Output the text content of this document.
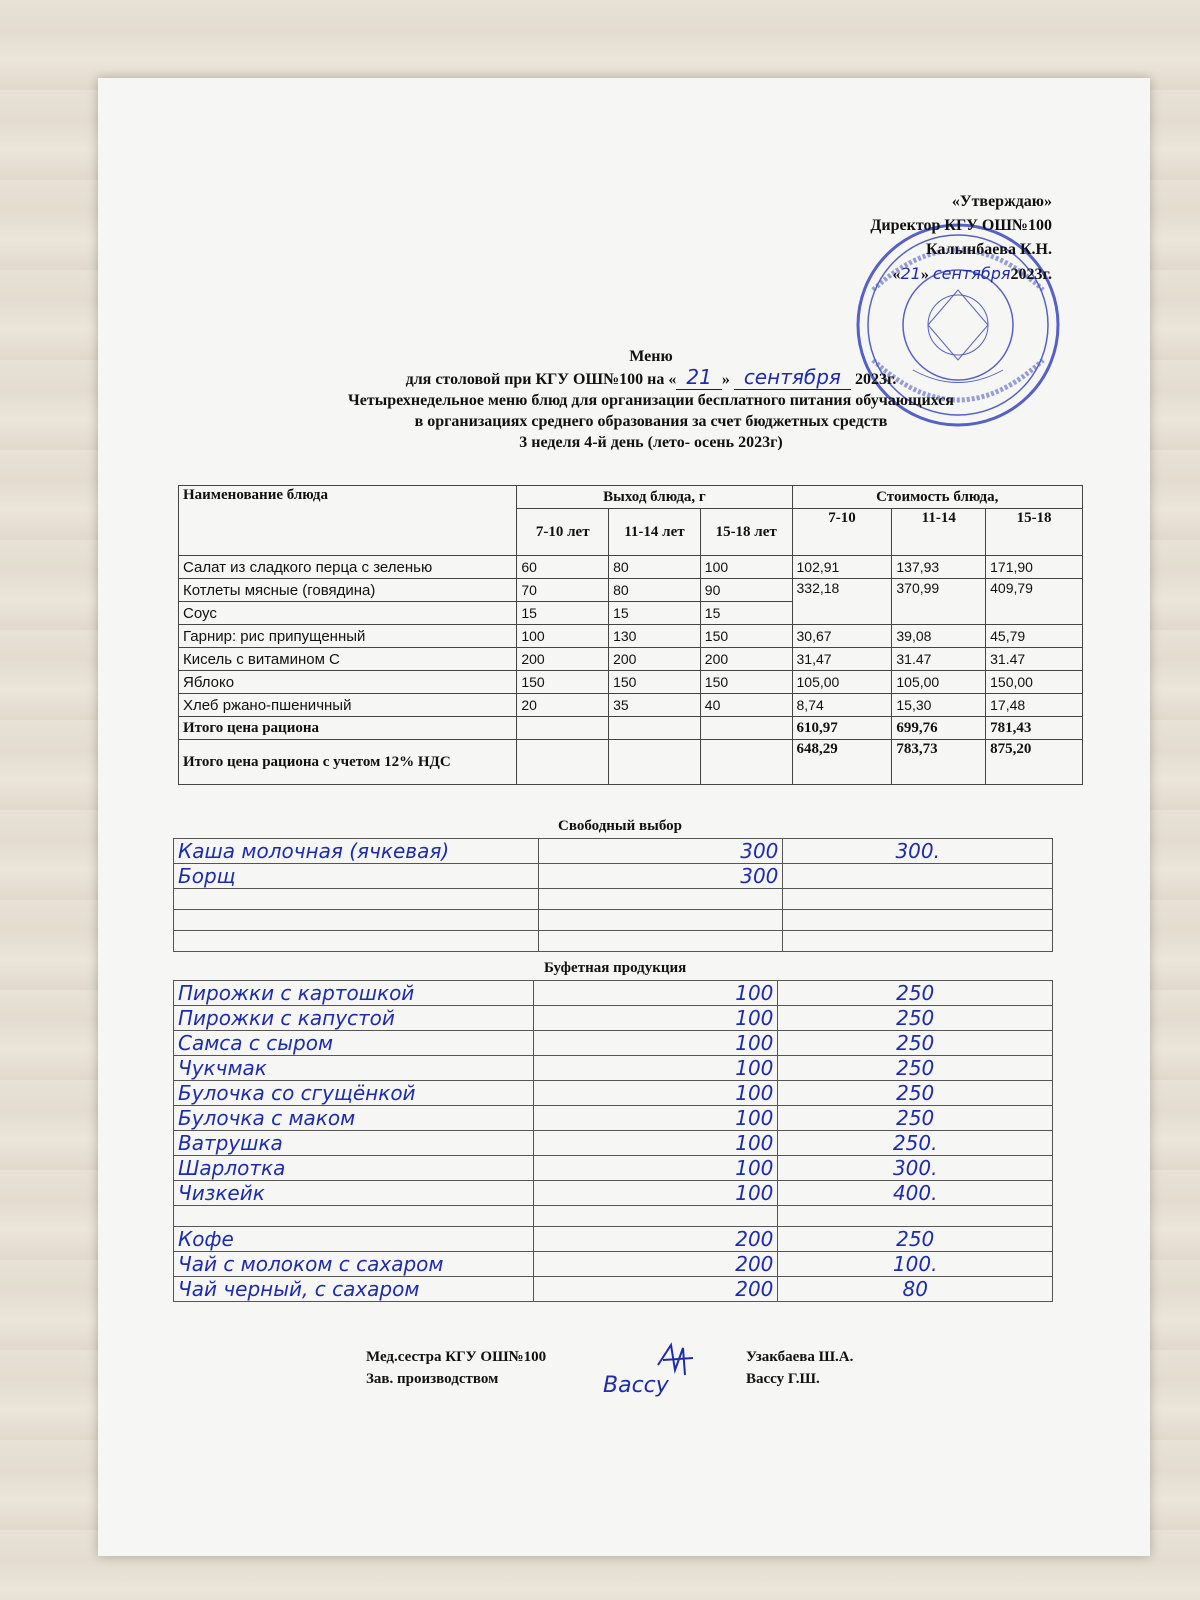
«Утверждаю»
Директор КГУ ОШ№100
Калынбаева К.Н.
«21» сентября2023г.
Меню
для столовой при КГУ ОШ№100 на « 21 » сентября 2023г.
Четырехнедельное меню блюд для организации бесплатного питания обучающихся
в организациях среднего образования за счет бюджетных средств
3 неделя 4-й день (лето- осень 2023г)
Наименование блюда	Выход блюда, г			Стоимость блюда,		
	7-10 лет	11-14 лет	15-18 лет	7-10	11-14	15-18
Салат из сладкого перца с зеленью	60	80	100	102,91	137,93	171,90
Котлеты мясные (говядина)	70	80	90	332,18	370,99	409,79
Соус	15	15	15			
Гарнир: рис припущенный	100	130	150	30,67	39,08	45,79
Кисель с витамином С	200	200	200	31,47	31.47	31.47
Яблоко	150	150	150	105,00	105,00	150,00
Хлеб ржано-пшеничный	20	35	40	8,74	15,30	17,48
Итого цена рациона				610,97	699,76	781,43
Итого цена рациона с учетом 12% НДС				648,29	783,73	875,20
Свободный выбор
Каша молочная (ячкевая)	300	300.
Борщ	300	

Буфетная продукция
Пирожки с картошкой	100	250
Пирожки с капустой	100	250
Самса с сыром	100	250
Чукчмак	100	250
Булочка со сгущёнкой	100	250
Булочка с маком	100	250
Ватрушка	100	250.
Шарлотка	100	300.
Чизкейк	100	400.

Кофе	200	250
Чай с молоком с сахаром	200	100.
Чай черный, с сахаром	200	80
Мед.сестра КГУ ОШ№100
Зав. производством	Вассу
Узакбаева Ш.А.
Вассу Г.Ш.
